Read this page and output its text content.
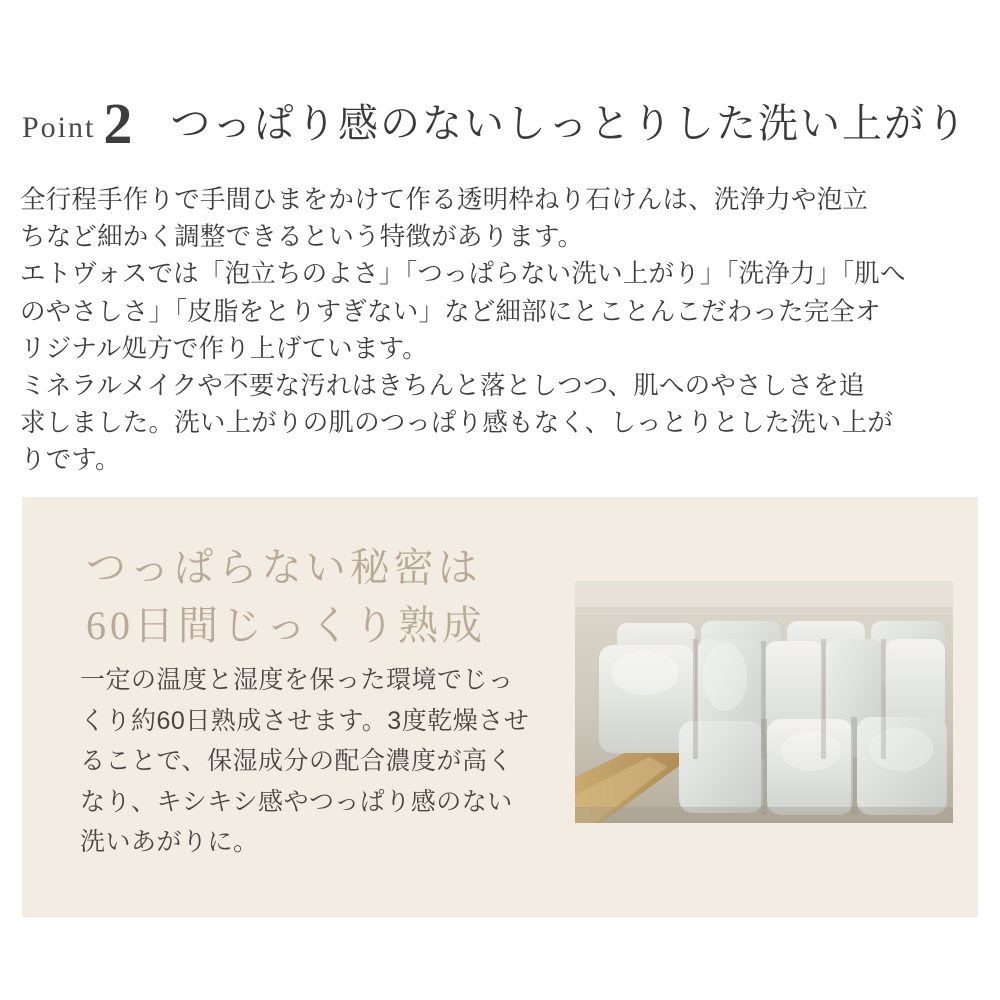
Point 2 つっぱり感のないしっとりした洗い上がり

全行程手作りで手間ひまをかけて作る透明枠ねり石けんは、洗浄力や泡立

ちなど細かく調整できるという特徴があります。

エトヴォスでは「泡立ちのよさ」「つっぱらない洗い上がり」「洗浄力」「肌へ

のやさしさ」「皮脂をとりすぎない」など細部にとことんこだわった完全オ

リジナル処方で作り上げています。

ミネラルメイクや不要な汚れはきちんと落としつつ、肌へのやさしさを追

求しました。洗い上がりの肌のつっぱり感もなく、しっとりとした洗い上が

りです。

つっぱらない秘密は
60日間じっくり熟成
一定の温度と湿度を保った環境でじっ
くり約60日熟成させます。3度乾燥させ
ることで、保湿成分の配合濃度が高く
なり、キシキシ感やつっぱり感のない
洗いあがりに。
